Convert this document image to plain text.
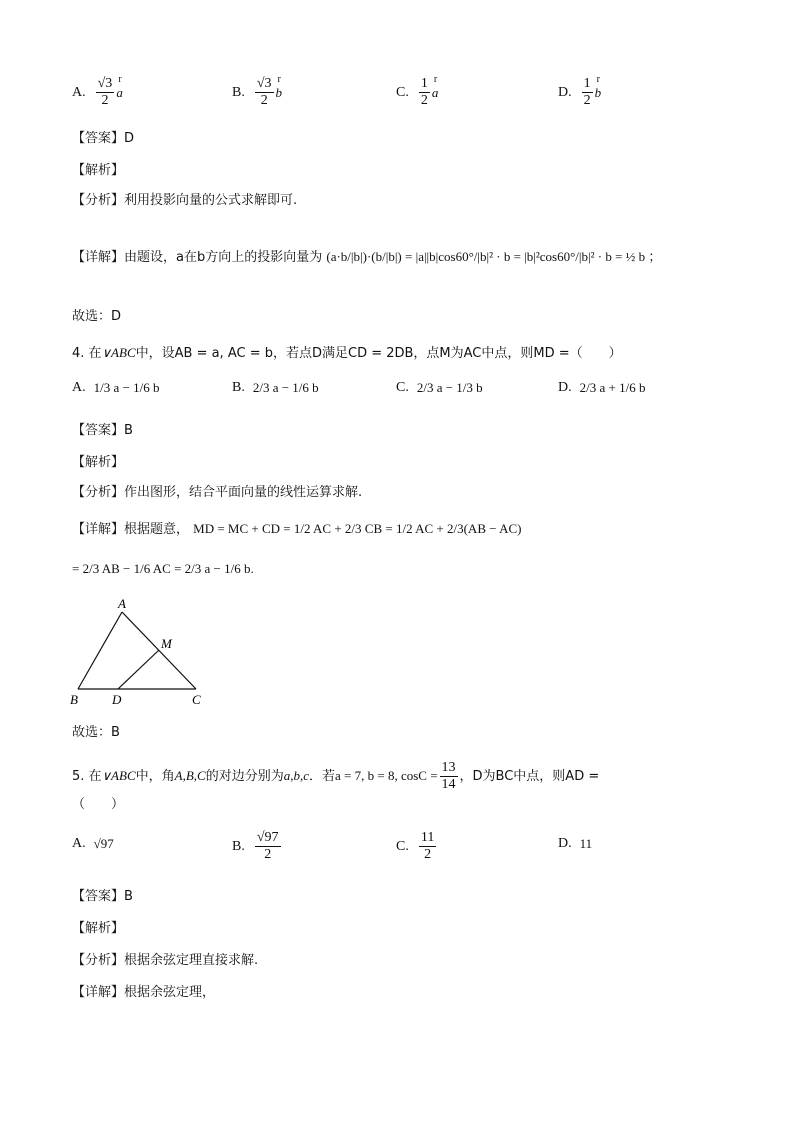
A. $\frac{√3}{2}$ r a	B. $\frac{√3}{2}$ r b	C. $\frac{1}{2}$ r a	D. $\frac{1}{2}$ r b
【答案】D
【解析】
【分析】利用投影向量的公式求解即可.
【详解】由题设，a在b方向上的投影向量为 (a·b/|b|)·(b/|b|) = |a||b|cos60°/|b|² · b = |b|²cos60°/|b|² · b = ½ b ；
故选：D
4. 在∨ABC中，设AB = a, AC = b，若点D满足CD = 2DB，点M为AC中点，则MD =（　　）
A. 1/3 a − 1/6 b	B. 2/3 a − 1/6 b	C. 2/3 a − 1/3 b	D. 2/3 a + 1/6 b
【答案】B
【解析】
【分析】作出图形，结合平面向量的线性运算求解.
【详解】根据题意， MD = MC + CD = 1/2 AC + 2/3 CB = 1/2 AC + 2/3(AB − AC)
= 2/3 AB − 1/6 AC = 2/3 a − 1/6 b.
A
M
B	D	C
故选：B
5. 在∨ABC中，角A,B,C的对边分别为a,b,c．若a = 7, b = 8, $\cos C = \frac{13}{14}$ ，D为BC中点，则AD =
（　　）
A. √97	B. $\frac{√97}{2}$	C. $\frac{11}{2}$	D. 11
【答案】B
【解析】
【分析】根据余弦定理直接求解.
【详解】根据余弦定理，
